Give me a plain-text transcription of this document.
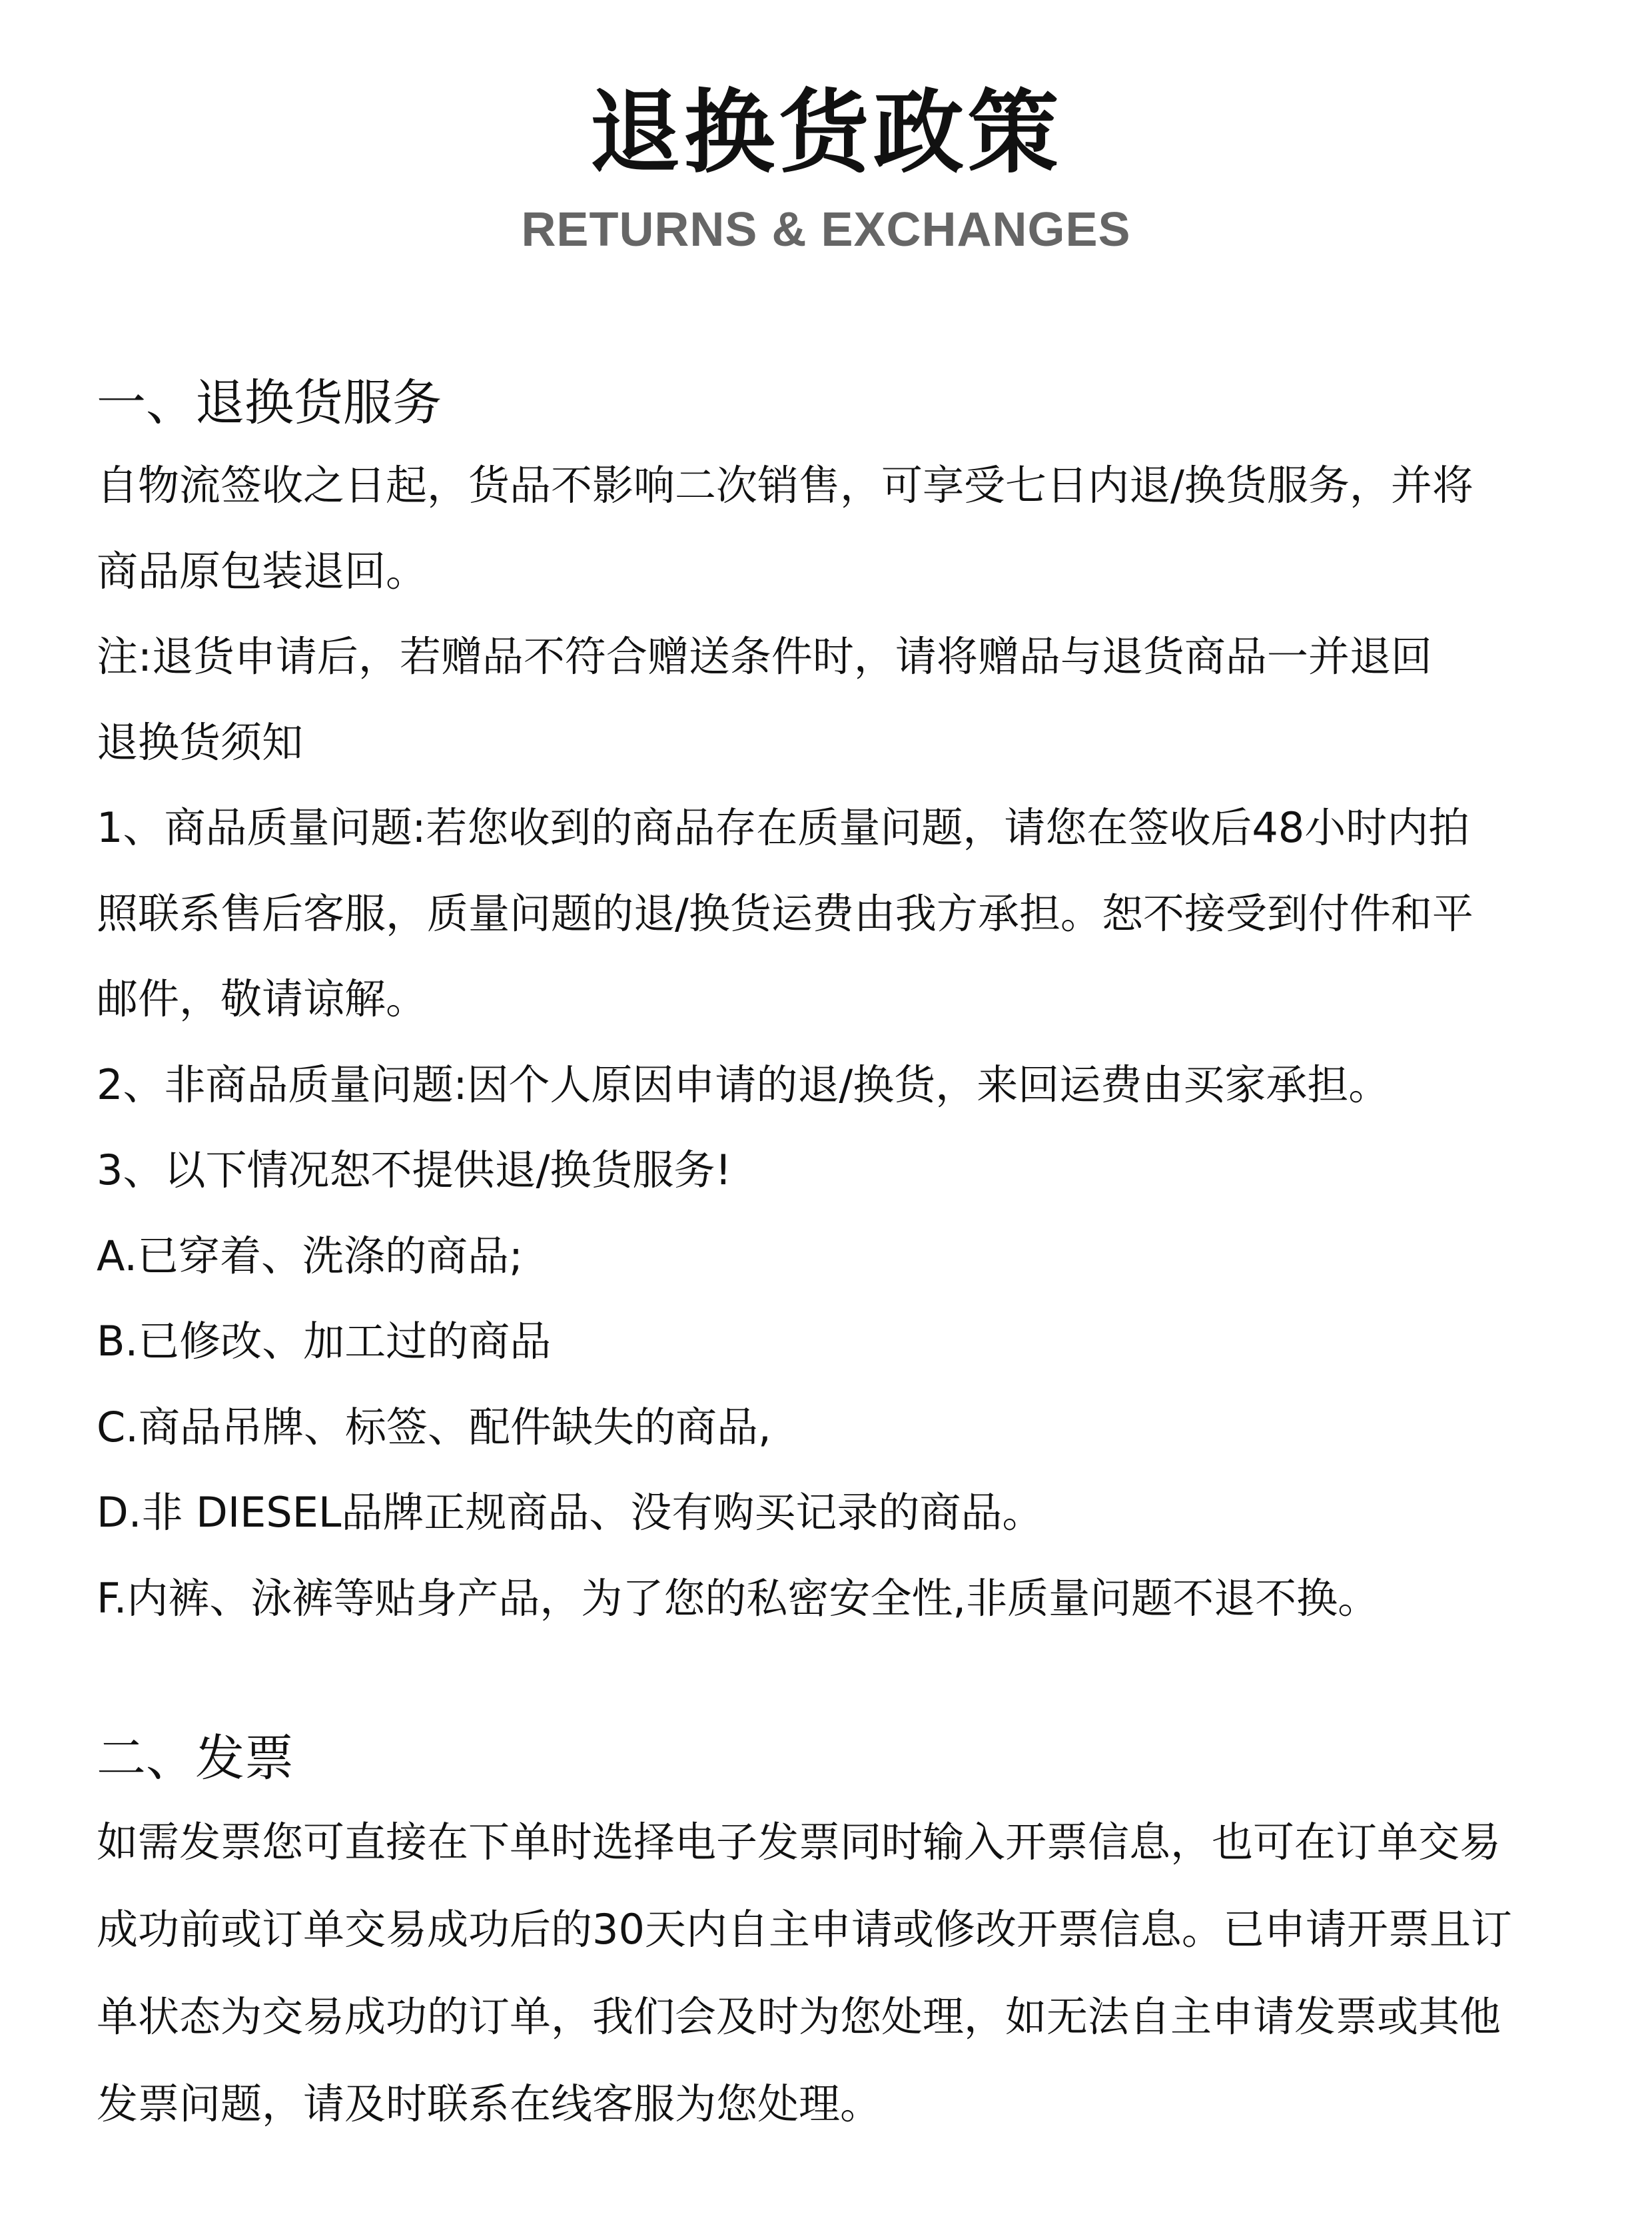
退换货政策
RETURNS & EXCHANGES
一、退换货服务
自物流签收之日起，货品不影响二次销售，可享受七日内退/换货服务，并将
商品原包装退回。
注:退货申请后，若赠品不符合赠送条件时，请将赠品与退货商品一并退回
退换货须知
1、商品质量问题:若您收到的商品存在质量问题，请您在签收后48小时内拍
照联系售后客服，质量问题的退/换货运费由我方承担。恕不接受到付件和平
邮件，敬请谅解。
2、非商品质量问题:因个人原因申请的退/换货，来回运费由买家承担。
3、以下情况恕不提供退/换货服务!
A.已穿着、洗涤的商品;
B.已修改、加工过的商品
C.商品吊牌、标签、配件缺失的商品,
D.非 DIESEL品牌正规商品、没有购买记录的商品。
F.内裤、泳裤等贴身产品，为了您的私密安全性,非质量问题不退不换。
二、发票
如需发票您可直接在下单时选择电子发票同时输入开票信息，也可在订单交易
成功前或订单交易成功后的30天内自主申请或修改开票信息。已申请开票且订
单状态为交易成功的订单，我们会及时为您处理，如无法自主申请发票或其他
发票问题，请及时联系在线客服为您处理。
